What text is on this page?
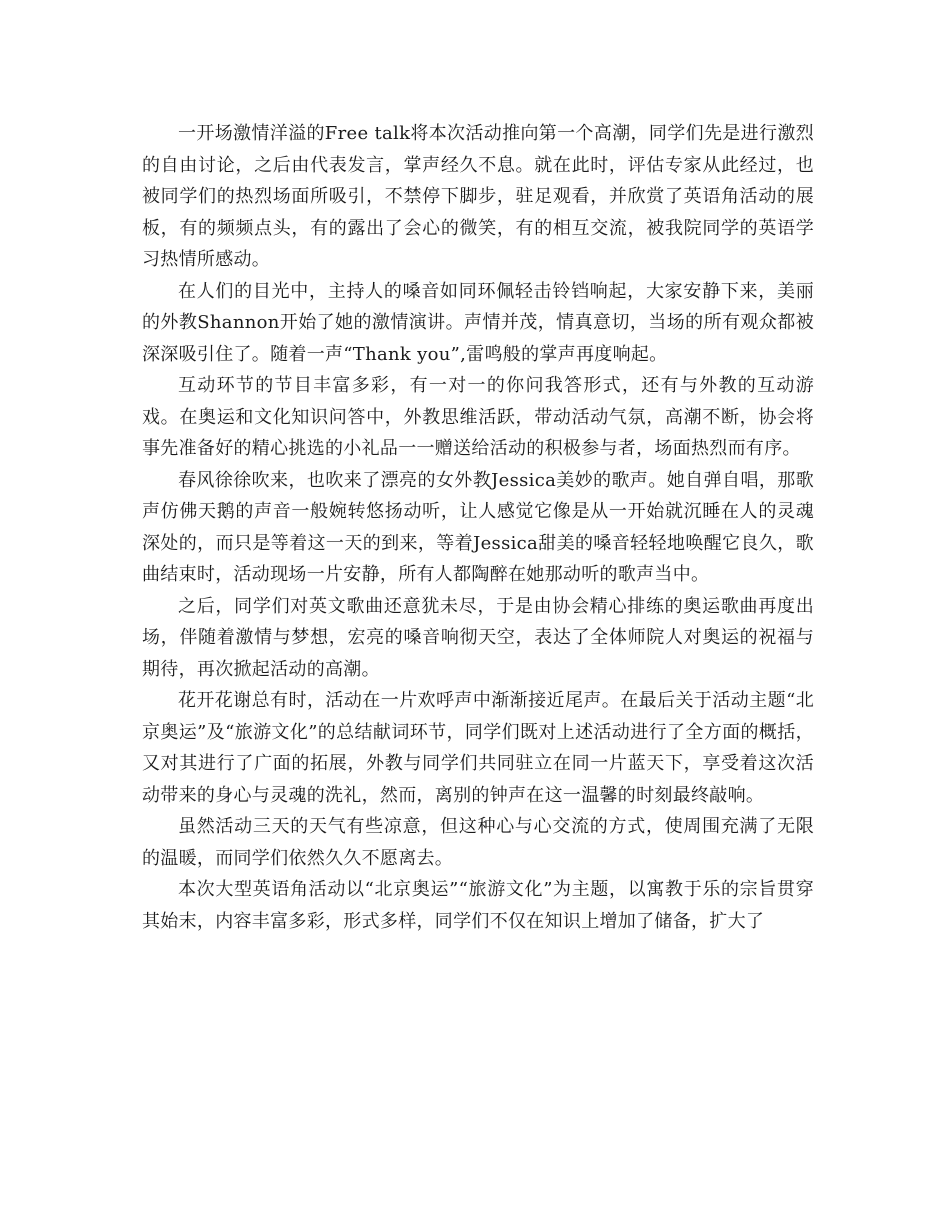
一开场激情洋溢的Free talk将本次活动推向第一个高潮，同学们先是进行激烈的自由讨论，之后由代表发言，掌声经久不息。就在此时，评估专家从此经过，也被同学们的热烈场面所吸引，不禁停下脚步，驻足观看，并欣赏了英语角活动的展板，有的频频点头，有的露出了会心的微笑，有的相互交流，被我院同学的英语学习热情所感动。

在人们的目光中，主持人的嗓音如同环佩轻击铃铛响起，大家安静下来，美丽的外教Shannon开始了她的激情演讲。声情并茂，情真意切，当场的所有观众都被深深吸引住了。随着一声“Thank you”,雷鸣般的掌声再度响起。

互动环节的节目丰富多彩，有一对一的你问我答形式，还有与外教的互动游戏。在奥运和文化知识问答中，外教思维活跃，带动活动气氛，高潮不断，协会将事先准备好的精心挑选的小礼品一一赠送给活动的积极参与者，场面热烈而有序。

春风徐徐吹来，也吹来了漂亮的女外教Jessica美妙的歌声。她自弹自唱，那歌声仿佛天鹅的声音一般婉转悠扬动听，让人感觉它像是从一开始就沉睡在人的灵魂深处的，而只是等着这一天的到来，等着Jessica甜美的嗓音轻轻地唤醒它良久，歌曲结束时，活动现场一片安静，所有人都陶醉在她那动听的歌声当中。

之后，同学们对英文歌曲还意犹未尽，于是由协会精心排练的奥运歌曲再度出场，伴随着激情与梦想，宏亮的嗓音响彻天空，表达了全体师院人对奥运的祝福与期待，再次掀起活动的高潮。

花开花谢总有时，活动在一片欢呼声中渐渐接近尾声。在最后关于活动主题“北京奥运”及“旅游文化”的总结献词环节，同学们既对上述活动进行了全方面的概括，又对其进行了广面的拓展，外教与同学们共同驻立在同一片蓝天下，享受着这次活动带来的身心与灵魂的洗礼，然而，离别的钟声在这一温馨的时刻最终敲响。

虽然活动三天的天气有些凉意，但这种心与心交流的方式，使周围充满了无限的温暖，而同学们依然久久不愿离去。

本次大型英语角活动以“北京奥运”“旅游文化”为主题，以寓教于乐的宗旨贯穿其始末，内容丰富多彩，形式多样，同学们不仅在知识上增加了储备，扩大了
